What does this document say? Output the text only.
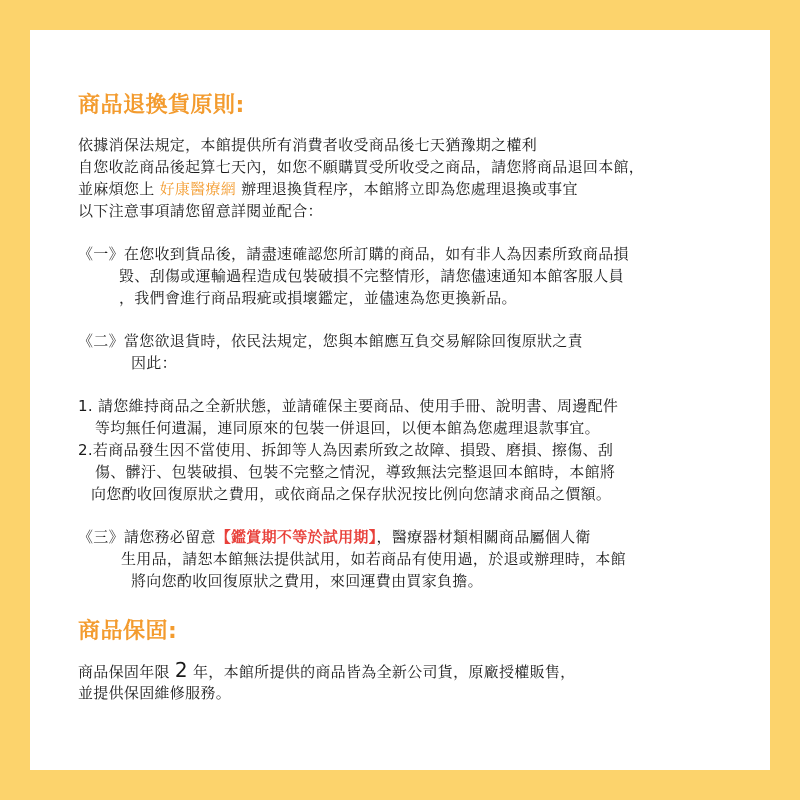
商品退換貨原則:

依據消保法規定，本館提供所有消費者收受商品後七天猶豫期之權利

自您收訖商品後起算七天內，如您不願購買受所收受之商品，請您將商品退回本館，

並麻煩您上 好康醫療網 辦理退換貨程序，本館將立即為您處理退換或事宜

以下注意事項請您留意詳閱並配合：

《一》在您收到貨品後，請盡速確認您所訂購的商品，如有非人為因素所致商品損

毀、刮傷或運輸過程造成包裝破損不完整情形，請您儘速通知本館客服人員

，我們會進行商品瑕疵或損壞鑑定，並儘速為您更換新品。

《二》當您欲退貨時，依民法規定，您與本館應互負交易解除回復原狀之責

因此：

1. 請您維持商品之全新狀態，並請確保主要商品、使用手冊、說明書、周邊配件

等均無任何遺漏，連同原來的包裝一併退回，以便本館為您處理退款事宜。

2.若商品發生因不當使用、拆卸等人為因素所致之故障、損毀、磨損、擦傷、刮

傷、髒汙、包裝破損、包裝不完整之情況，導致無法完整退回本館時，本館將

向您酌收回復原狀之費用，或依商品之保存狀況按比例向您請求商品之價額。

《三》請您務必留意【鑑賞期不等於試用期】，醫療器材類相關商品屬個人衛

生用品，請恕本館無法提供試用，如若商品有使用過，於退或辦理時，本館

將向您酌收回復原狀之費用，來回運費由買家負擔。

商品保固:

商品保固年限 2 年，本館所提供的商品皆為全新公司貨，原廠授權販售，

並提供保固維修服務。
